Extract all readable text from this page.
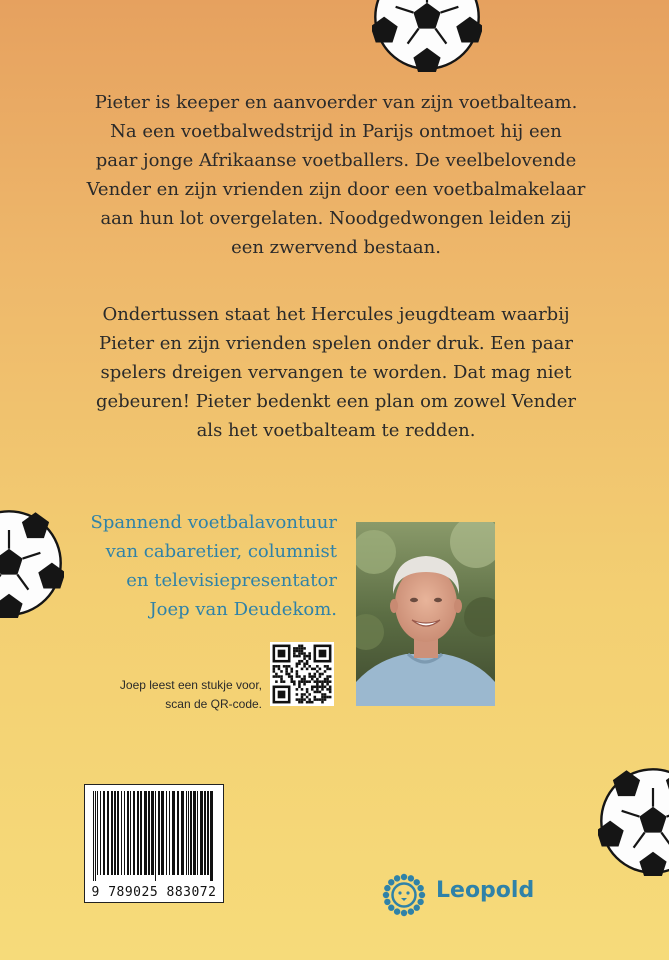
Pieter is keeper en aanvoerder van zijn voetbalteam.
Na een voetbalwedstrijd in Parijs ontmoet hij een
paar jonge Afrikaanse voetballers. De veelbelovende
Vender en zijn vrienden zijn door een voetbalmakelaar
aan hun lot overgelaten. Noodgedwongen leiden zij
een zwervend bestaan.

Ondertussen staat het Hercules jeugdteam waarbij
Pieter en zijn vrienden spelen onder druk. Een paar
spelers dreigen vervangen te worden. Dat mag niet
gebeuren! Pieter bedenkt een plan om zowel Vender
als het voetbalteam te redden.

Spannend voetbalavontuur
van cabaretier, columnist
en televisiepresentator
Joep van Deudekom.
Joep leest een stukje voor,
scan de QR-code.
9 789025 883072	Leopold
